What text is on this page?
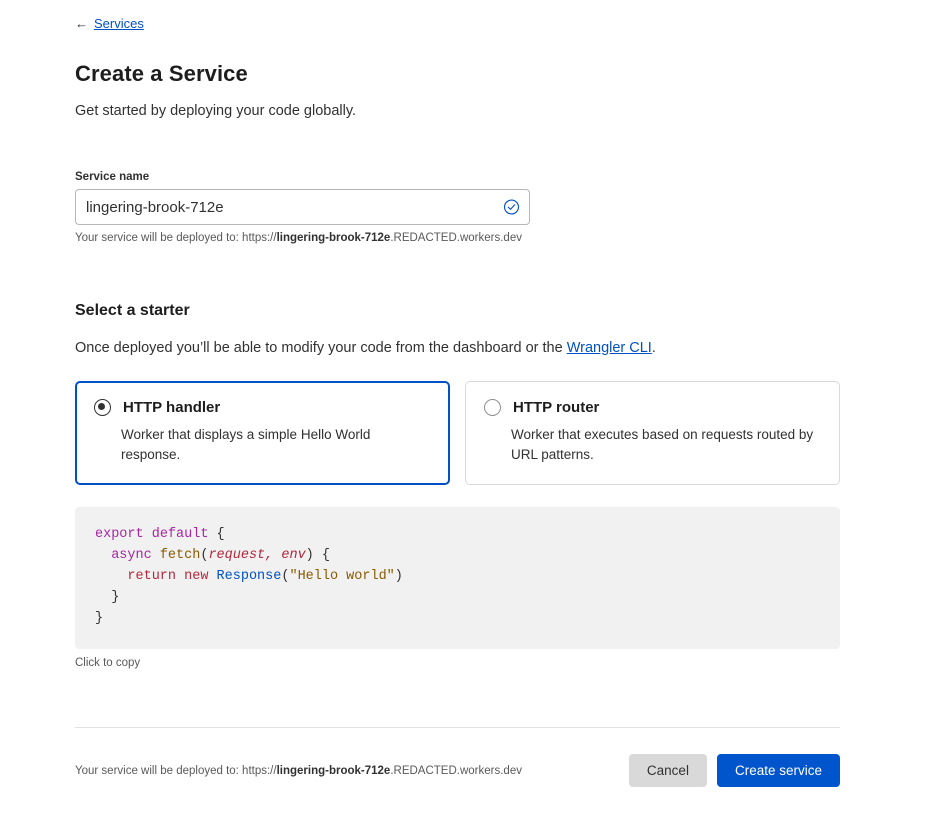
← Services
Create a Service
Get started by deploying your code globally.
Service name
lingering-brook-712e
Your service will be deployed to: https://lingering-brook-712e.REDACTED.workers.dev
Select a starter
Once deployed you’ll be able to modify your code from the dashboard or the Wrangler CLI.
HTTP handler
Worker that displays a simple Hello World response.
HTTP router
Worker that executes based on requests routed by URL patterns.
export default {
async fetch(request, env) {
return new Response("Hello world")
}
}
Click to copy
Your service will be deployed to: https://lingering-brook-712e.REDACTED.workers.dev	Cancel	Create service
